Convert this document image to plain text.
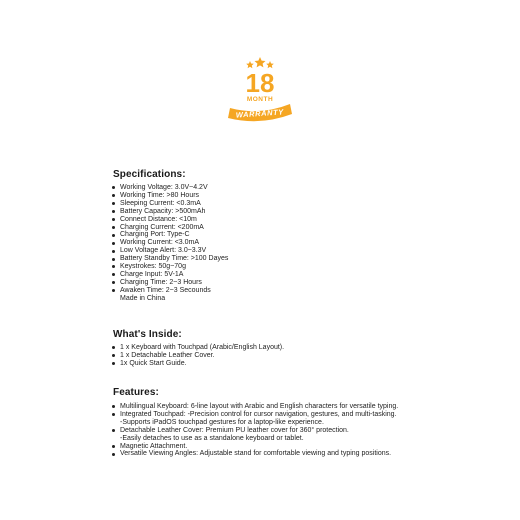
18
MONTH
WARRANTY
Specifications:
Working Voltage: 3.0V~4.2V
Working Time: >80 Hours
Sleeping Current: <0.3mA
Battery Capacity: >500mAh
Connect Distance: <10m
Charging Current: <200mA
Charging Port: Type-C
Working Current: <3.0mA
Low Voltage Alert: 3.0~3.3V
Battery Standby Time: >100 Dayes
Keystrokes: 50g~70g
Charge Input: 5V-1A
Charging Time: 2~3 Hours
Awaken Time: 2~3 Secounds
Made in China
What's Inside:
1 x Keyboard with Touchpad (Arabic/English Layout).
1 x Detachable Leather Cover.
1x Quick Start Guide.
Features:
Multilingual Keyboard: 6-line layout with Arabic and English characters for versatile typing.
Integrated Touchpad: -Precision control for cursor navigation, gestures, and multi-tasking.
-Supports iPadOS touchpad gestures for a laptop-like experience.
Detachable Leather Cover: Premium PU leather cover for 360° protection.
-Easily detaches to use as a standalone keyboard or tablet.
Magnetic Attachment.
Versatile Viewing Angles: Adjustable stand for comfortable viewing and typing positions.
